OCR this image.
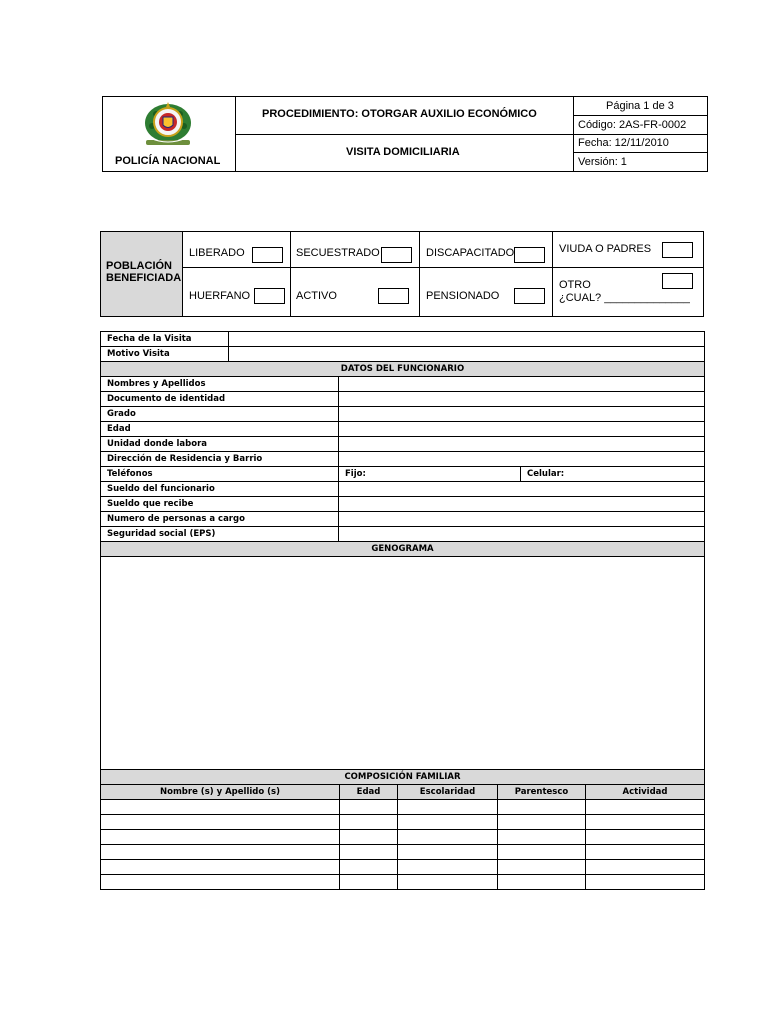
POLICÍA NACIONAL
PROCEDIMIENTO: OTORGAR AUXILIO ECONÓMICO
VISITA DOMICILIARIA
Página 1 de 3
Código: 2AS-FR-0002
Fecha: 12/11/2010
Versión: 1
POBLACIÓN
BENEFICIADA
LIBERADO	SECUESTRADO	DISCAPACITADO	VIUDA O PADRES
HUERFANO	ACTIVO	PENSIONADO
OTRO
¿CUAL? ______________
Fecha de la Visita			
Motivo Visita			
DATOS DEL FUNCIONARIO			
Nombres y Apellidos			
Documento de identidad			
Grado			
Edad			
Unidad donde labora			
Dirección de Residencia y Barrio			
Teléfonos		Fijo:	Celular:
Sueldo del funcionario			
Sueldo que recibe			
Numero de personas a cargo			
Seguridad social (EPS)			
GENOGRAMA			

COMPOSICIÓN FAMILIAR				
Nombre (s) y Apellido (s)	Edad	Escolaridad	Parentesco	Actividad
